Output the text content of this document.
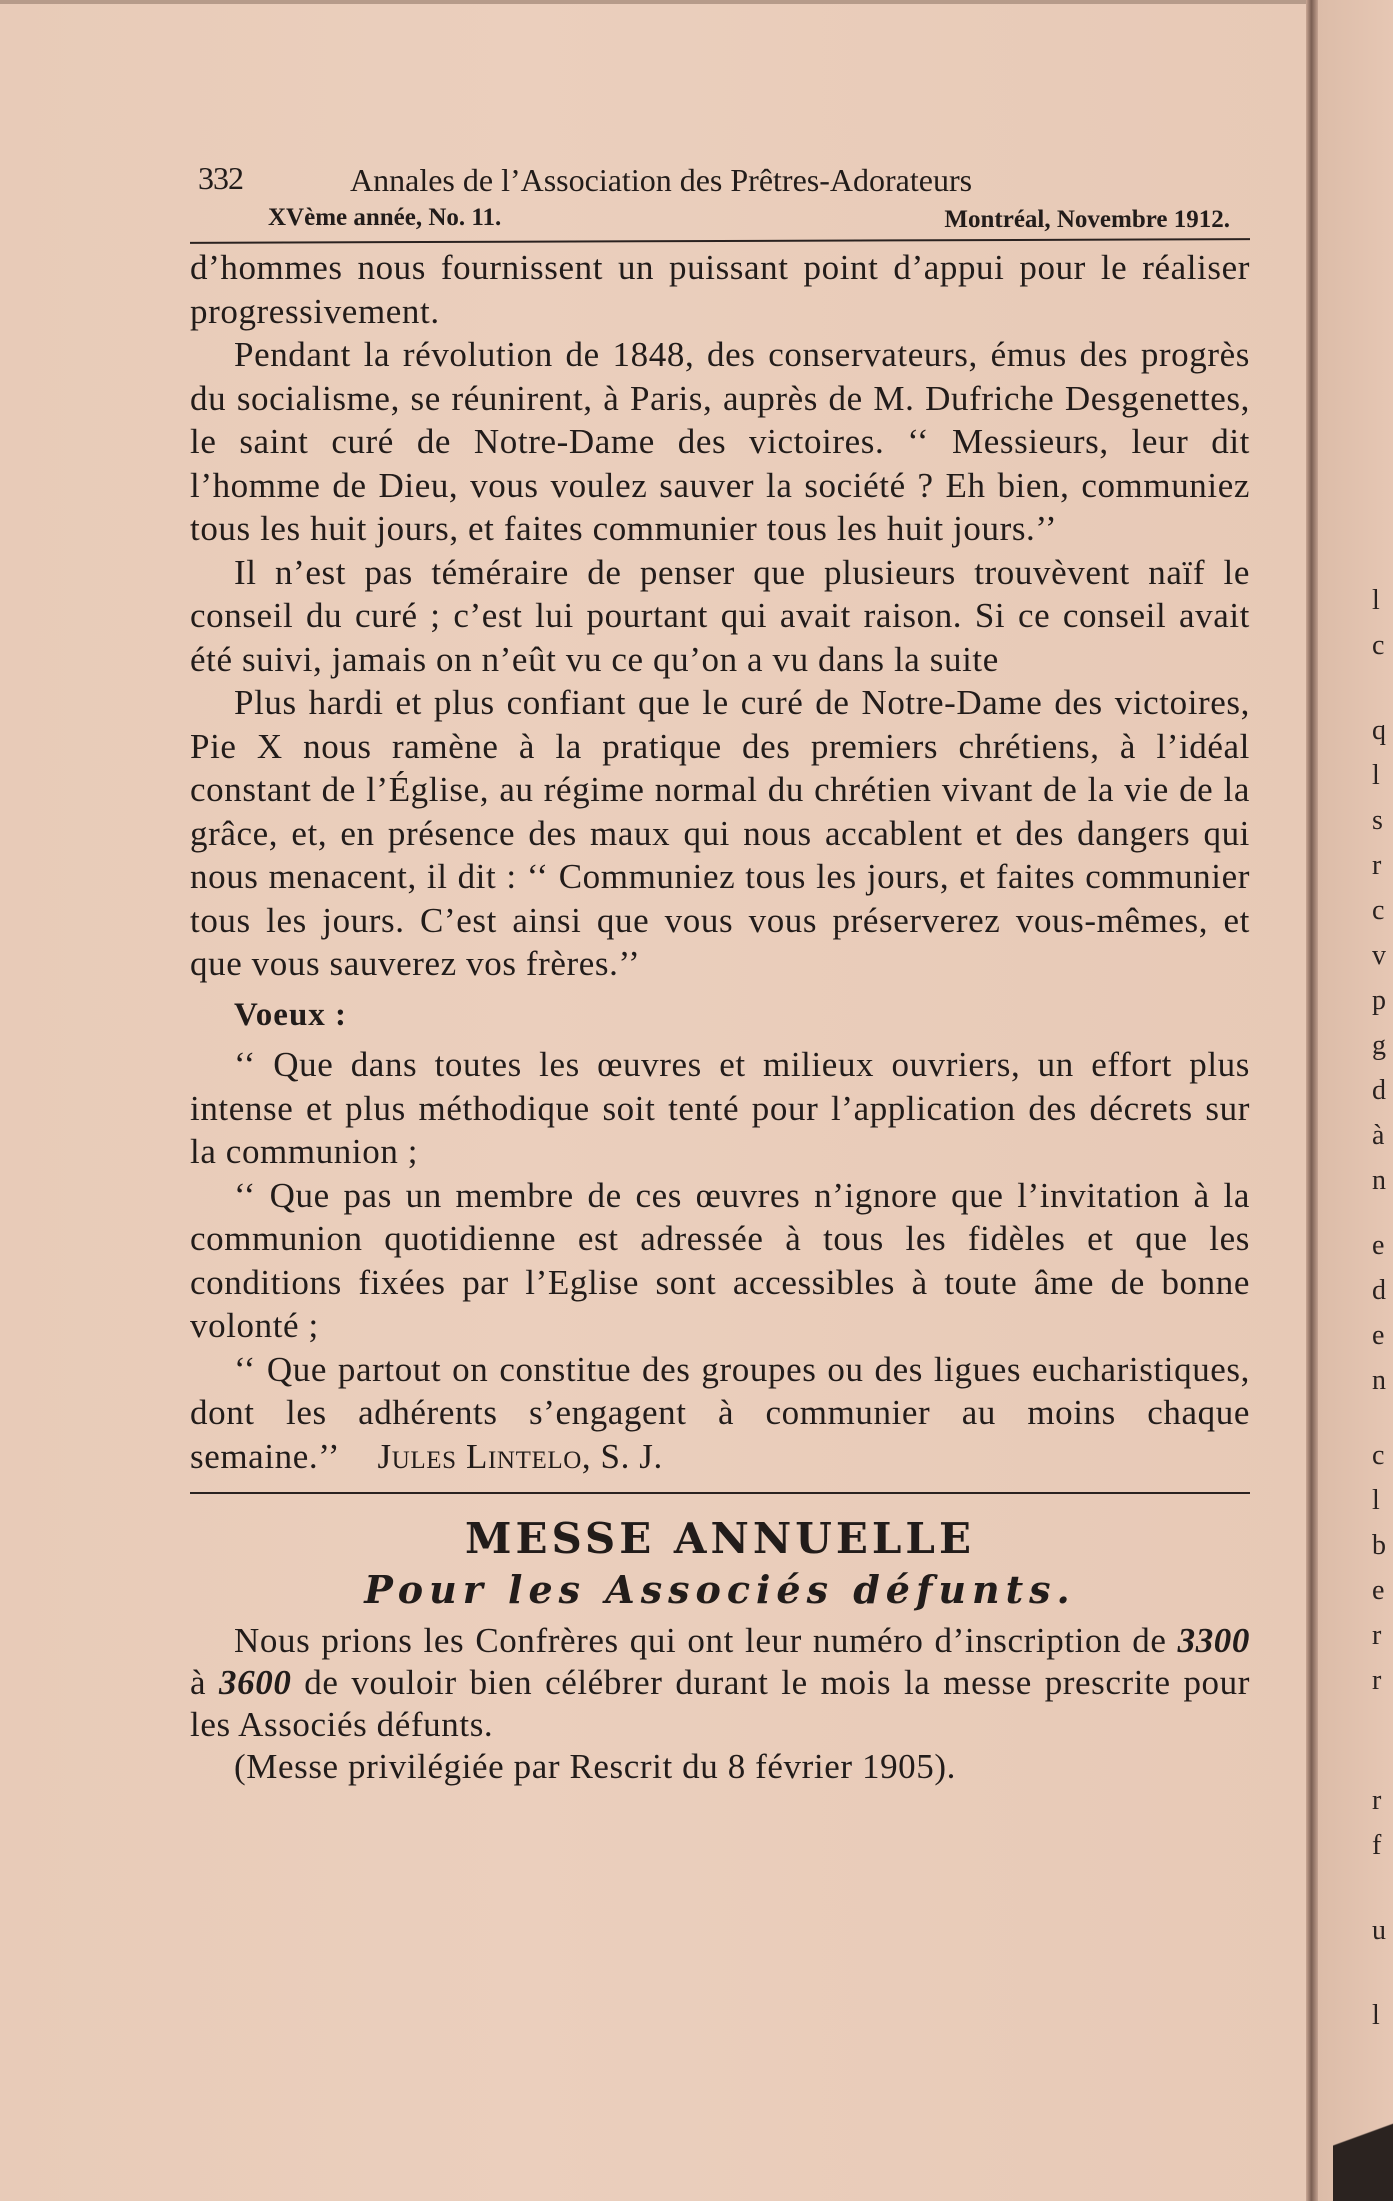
332	Annales de l’Association des Prêtres-Adorateurs
XVème année, No. 11.	Montréal, Novembre 1912.

d’hommes nous fournissent un puissant point d’appui pour le réaliser progressivement.

Pendant la révolution de 1848, des conservateurs, émus des progrès du socialisme, se réunirent, à Paris, auprès de M. Dufriche Desgenettes, le saint curé de Notre-Dame des victoires. ‘‘ Messieurs, leur dit l’homme de Dieu, vous voulez sauver la société ? Eh bien, communiez tous les huit jours, et faites communier tous les huit jours.’’

Il n’est pas téméraire de penser que plusieurs trouvèvent naïf le conseil du curé ; c’est lui pourtant qui avait raison. Si ce conseil avait été suivi, jamais on n’eût vu ce qu’on a vu dans la suite

Plus hardi et plus confiant que le curé de Notre-Dame des victoires, Pie X nous ramène à la pratique des premiers chrétiens, à l’idéal constant de l’Église, au régime normal du chrétien vivant de la vie de la grâce, et, en présence des maux qui nous accablent et des dangers qui nous menacent, il dit : ‘‘ Communiez tous les jours, et faites communier tous les jours. C’est ainsi que vous vous préserverez vous-mêmes, et que vous sauverez vos frères.’’

Voeux :

‘‘ Que dans toutes les œuvres et milieux ouvriers, un effort plus intense et plus méthodique soit tenté pour l’application des décrets sur la communion ;

‘‘ Que pas un membre de ces œuvres n’ignore que l’invitation à la communion quotidienne est adressée à tous les fidèles et que les conditions fixées par l’Eglise sont accessibles à toute âme de bonne volonté ;

‘‘ Que partout on constitue des groupes ou des ligues eucharistiques, dont les adhérents s’engagent à communier au moins chaque semaine.’’ Jules Lintelo, S. J.

MESSE ANNUELLE
Pour les Associés défunts.

Nous prions les Confrères qui ont leur numéro d’inscription de 3300 à 3600 de vouloir bien célébrer durant le mois la messe prescrite pour les Associés défunts.

(Messe privilégiée par Rescrit du 8 février 1905).

l
c
q
l
s
r
c
v
p
g
d
à
n
e
d
e
n
c
l
b
e
r
r
r
f
u
l
